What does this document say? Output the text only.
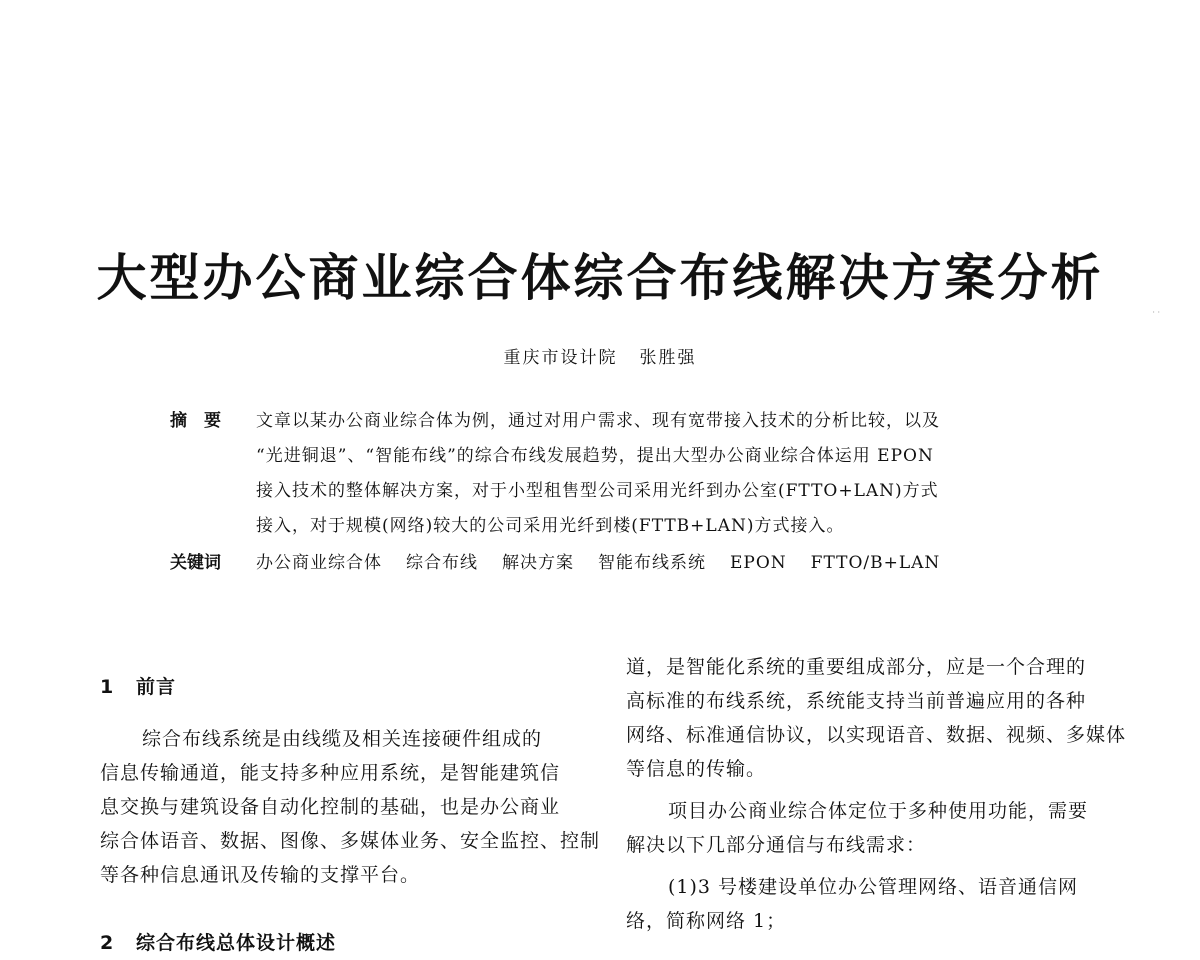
大型办公商业综合体综合布线解决方案分析
重庆市设计院 张胜强
· ·
摘要	文章以某办公商业综合体为例，通过对用户需求、现有宽带接入技术的分析比较，以及
“光进铜退”、“智能布线”的综合布线发展趋势，提出大型办公商业综合体运用 EPON
接入技术的整体解决方案，对于小型租售型公司采用光纤到办公室(FTTO+LAN)方式
接入，对于规模(网络)较大的公司采用光纤到楼(FTTB+LAN)方式接入。
关键词	办公商业综合体 综合布线 解决方案 智能布线系统 EPON FTTO/B+LAN
1 前言
综合布线系统是由线缆及相关连接硬件组成的
信息传输通道，能支持多种应用系统，是智能建筑信
息交换与建筑设备自动化控制的基础，也是办公商业
综合体语音、数据、图像、多媒体业务、安全监控、控制
等各种信息通讯及传输的支撑平台。
2 综合布线总体设计概述
道，是智能化系统的重要组成部分，应是一个合理的
高标准的布线系统，系统能支持当前普遍应用的各种
网络、标准通信协议，以实现语音、数据、视频、多媒体
等信息的传输。
项目办公商业综合体定位于多种使用功能，需要
解决以下几部分通信与布线需求：
(1)3 号楼建设单位办公管理网络、语音通信网
络，简称网络 1；
